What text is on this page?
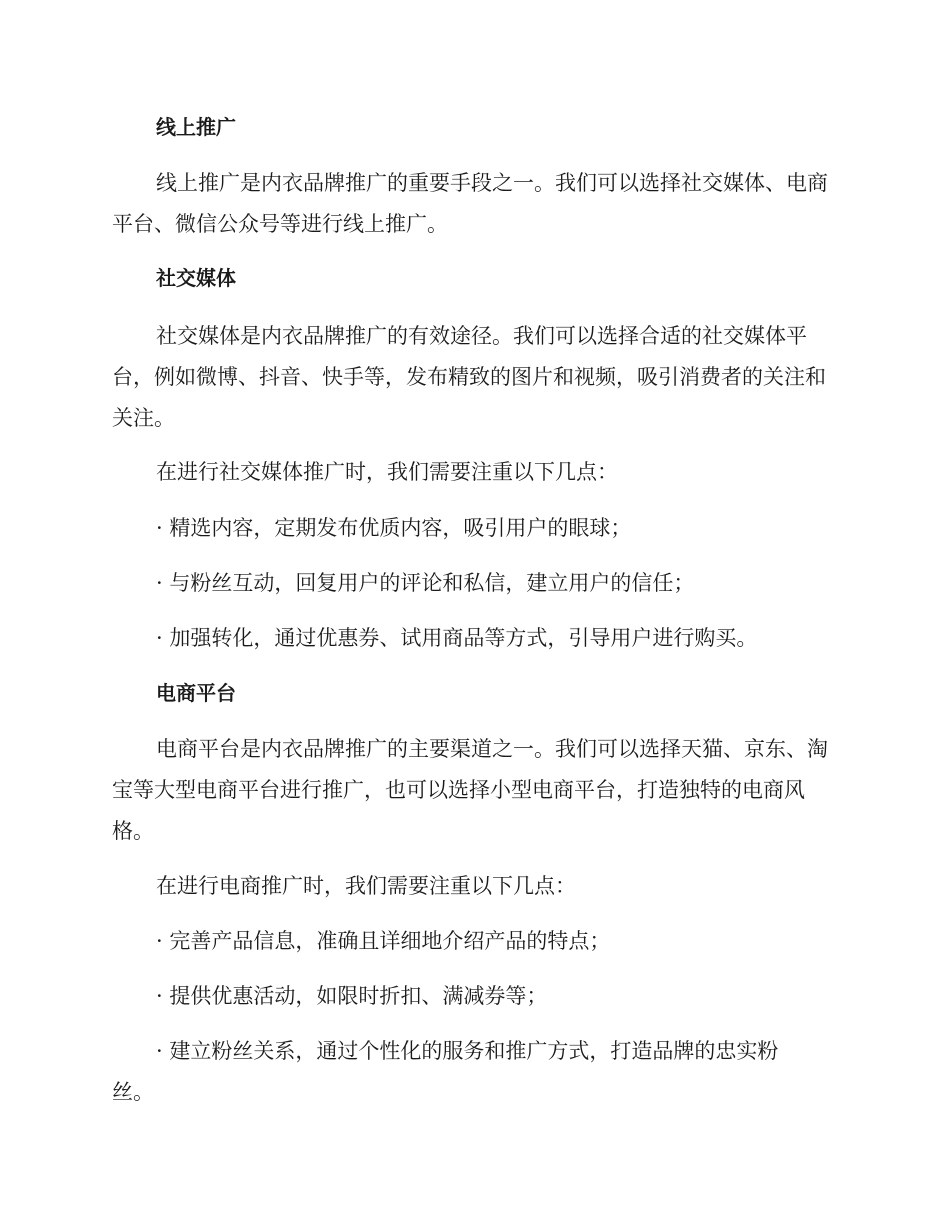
线上推广

线上推广是内衣品牌推广的重要手段之一。我们可以选择社交媒体、电商平台、微信公众号等进行线上推广。

社交媒体

社交媒体是内衣品牌推广的有效途径。我们可以选择合适的社交媒体平台，例如微博、抖音、快手等，发布精致的图片和视频，吸引消费者的关注和关注。

在进行社交媒体推广时，我们需要注重以下几点：

· 精选内容，定期发布优质内容，吸引用户的眼球；

· 与粉丝互动，回复用户的评论和私信，建立用户的信任；

· 加强转化，通过优惠券、试用商品等方式，引导用户进行购买。

电商平台

电商平台是内衣品牌推广的主要渠道之一。我们可以选择天猫、京东、淘宝等大型电商平台进行推广，也可以选择小型电商平台，打造独特的电商风格。

在进行电商推广时，我们需要注重以下几点：

· 完善产品信息，准确且详细地介绍产品的特点；

· 提供优惠活动，如限时折扣、满减券等；

· 建立粉丝关系，通过个性化的服务和推广方式，打造品牌的忠实粉丝。
